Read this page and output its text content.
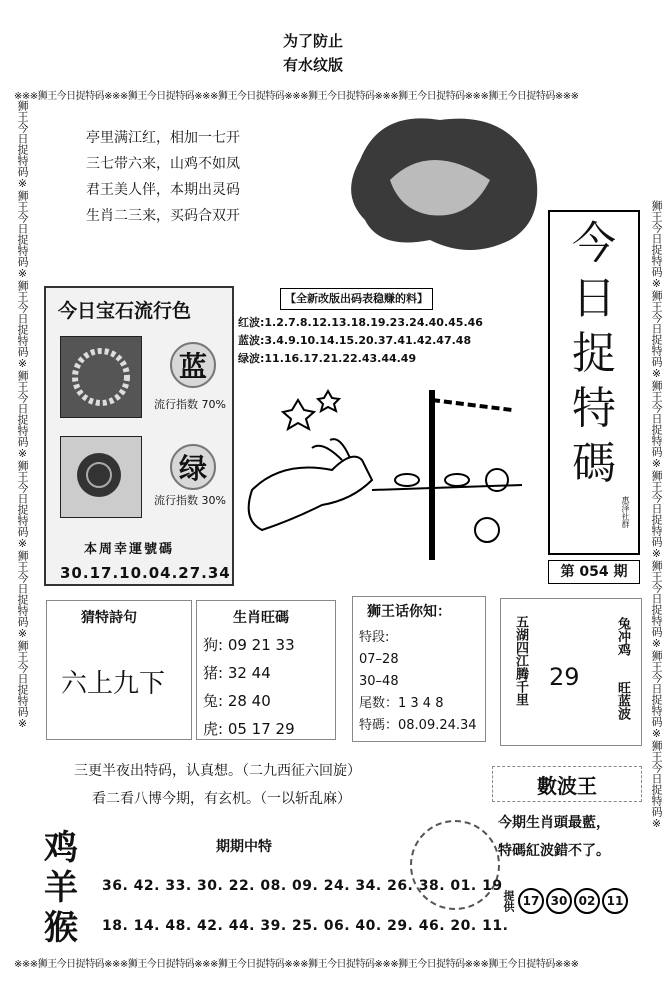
为了防止
有水纹版
※※※狮王今日捉特码※※※狮王今日捉特码※※※狮王今日捉特码※※※狮王今日捉特码※※※狮王今日捉特码※※※狮王今日捉特码※※※
※※※狮王今日捉特码※※※狮王今日捉特码※※※狮王今日捉特码※※※狮王今日捉特码※※※狮王今日捉特码※※※狮王今日捉特码※※※
狮王今日捉特码※狮王今日捉特码※狮王今日捉特码※狮王今日捉特码※狮王今日捉特码※狮王今日捉特码※狮王今日捉特码※	狮王今日捉特码※狮王今日捉特码※狮王今日捉特码※狮王今日捉特码※狮王今日捉特码※狮王今日捉特码※狮王今日捉特码※
亭里满江红，相加一七开
三七带六来，山鸡不如凤
君王美人伴，本期出灵码
生肖二三来，买码合双开
今日宝石流行色
蓝
流行指数 70%
绿
流行指数 30%
本周幸運號碼
30.17.10.04.27.34
【全新改版出码表稳赚的料】
红波:1.2.7.8.12.13.18.19.23.24.40.45.46
蓝波:3.4.9.10.14.15.20.37.41.42.47.48
绿波:11.16.17.21.22.43.44.49
今
日
捉
特
碼
惠泽社群
第 054 期
猜特詩句
六上九下
生肖旺碼
狗: 09 21 33
猪: 32 44
兔: 28 40
虎: 05 17 29
狮王话你知：
特段:
07–28
30–48
尾数：1 3 4 8
特碼：08.09.24.34
五湖四江腾千里 29
兔冲鸡
旺蓝波
三更半夜出特码，认真想。（二九西征六回旋）
看二看八博今期，有玄机。（一以斩乱麻）
數波王
今期生肖頭最藍，
特碼紅波錯不了。
提供 17 30 02 11
鸡
羊
猴
期期中特
36. 42. 33. 30. 22. 08. 09. 24. 34. 26. 38. 01. 19
18. 14. 48. 42. 44. 39. 25. 06. 40. 29. 46. 20. 11.
